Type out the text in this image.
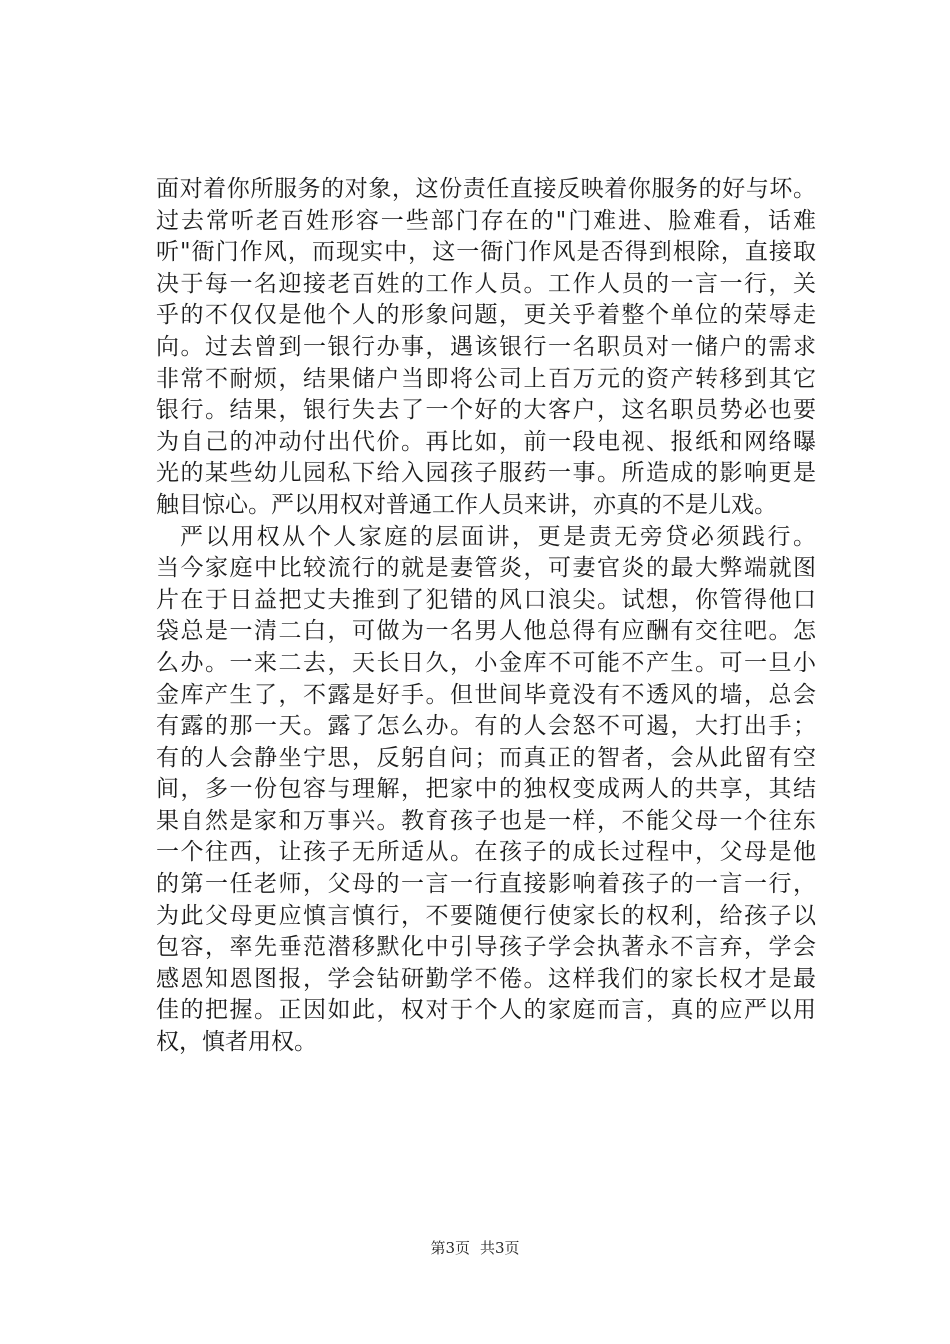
面对着你所服务的对象，这份责任直接反映着你服务的好与坏。
过去常听老百姓形容一些部门存在的"门难进、脸难看，话难
听"衙门作风，而现实中，这一衙门作风是否得到根除，直接取
决于每一名迎接老百姓的工作人员。工作人员的一言一行，关
乎的不仅仅是他个人的形象问题，更关乎着整个单位的荣辱走
向。过去曾到一银行办事，遇该银行一名职员对一储户的需求
非常不耐烦，结果储户当即将公司上百万元的资产转移到其它
银行。结果，银行失去了一个好的大客户，这名职员势必也要
为自己的冲动付出代价。再比如，前一段电视、报纸和网络曝
光的某些幼儿园私下给入园孩子服药一事。所造成的影响更是
触目惊心。严以用权对普通工作人员来讲，亦真的不是儿戏。
严以用权从个人家庭的层面讲，更是责无旁贷必须践行。
当今家庭中比较流行的就是妻管炎，可妻官炎的最大弊端就图
片在于日益把丈夫推到了犯错的风口浪尖。试想，你管得他口
袋总是一清二白，可做为一名男人他总得有应酬有交往吧。怎
么办。一来二去，天长日久，小金库不可能不产生。可一旦小
金库产生了，不露是好手。但世间毕竟没有不透风的墙，总会
有露的那一天。露了怎么办。有的人会怒不可遏，大打出手；
有的人会静坐宁思，反躬自问；而真正的智者，会从此留有空
间，多一份包容与理解，把家中的独权变成两人的共享，其结
果自然是家和万事兴。教育孩子也是一样，不能父母一个往东
一个往西，让孩子无所适从。在孩子的成长过程中，父母是他
的第一任老师，父母的一言一行直接影响着孩子的一言一行，
为此父母更应慎言慎行，不要随便行使家长的权利，给孩子以
包容，率先垂范潜移默化中引导孩子学会执著永不言弃，学会
感恩知恩图报，学会钻研勤学不倦。这样我们的家长权才是最
佳的把握。正因如此，权对于个人的家庭而言，真的应严以用
权，慎者用权。
第3页 共3页
